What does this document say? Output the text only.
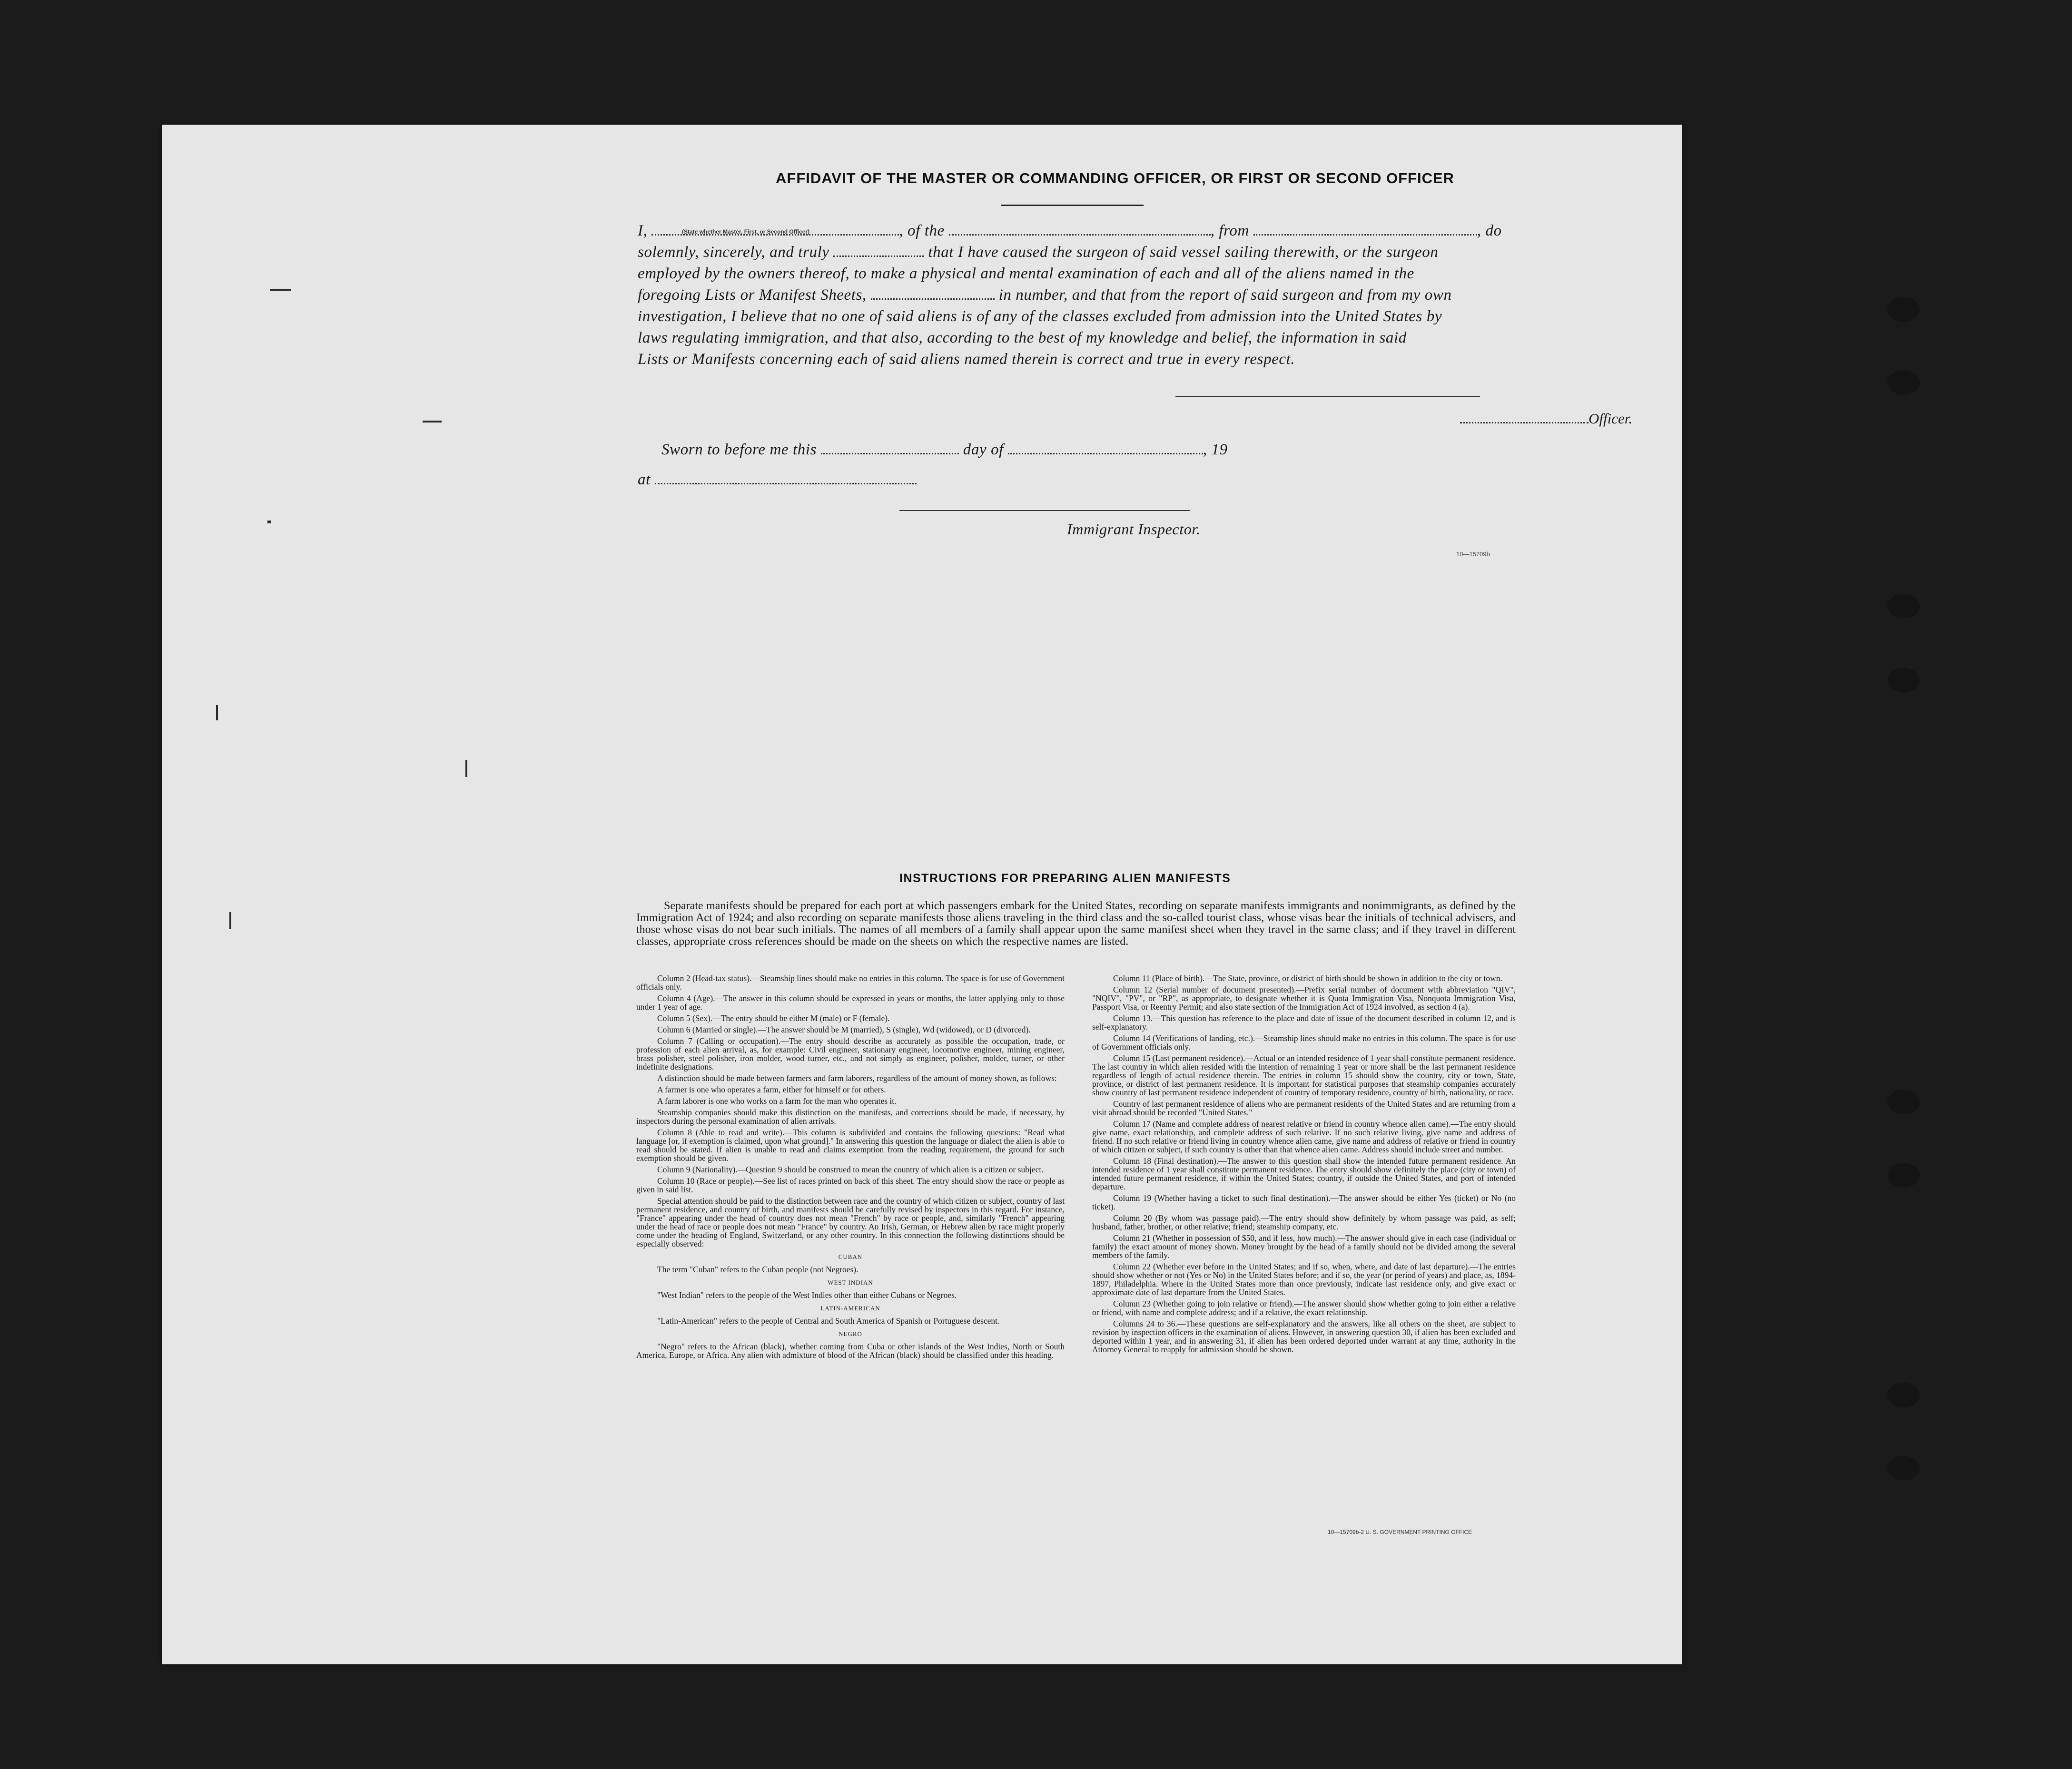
AFFIDAVIT OF THE MASTER OR COMMANDING OFFICER, OR FIRST OR SECOND OFFICER
I,	, of the	, from	, do
(State whether Master, First, or Second Officer)
solemnly, sincerely, and truly	that I have caused the surgeon of said vessel sailing therewith, or the surgeon
employed by the owners thereof, to make a physical and mental examination of each and all of the aliens named in the
foregoing Lists or Manifest Sheets,	in number, and that from the report of said surgeon and from my own
investigation, I believe that no one of said aliens is of any of the classes excluded from admission into the United States by
laws regulating immigration, and that also, according to the best of my knowledge and belief, the information in said
Lists or Manifests concerning each of said aliens named therein is correct and true in every respect.
Officer.
Sworn to before me this	day of	, 19
at
Immigrant Inspector.
10—15709b
INSTRUCTIONS FOR PREPARING ALIEN MANIFESTS
Separate manifests should be prepared for each port at which passengers embark for the United States, recording on separate manifests immigrants and nonimmigrants, as defined by the Immigration Act of 1924; and also recording on separate manifests those aliens traveling in the third class and the so-called tourist class, whose visas bear the initials of technical advisers, and those whose visas do not bear such initials. The names of all members of a family shall appear upon the same manifest sheet when they travel in the same class; and if they travel in different classes, appropriate cross references should be made on the sheets on which the respective names are listed.

Column 2 (Head-tax status).—Steamship lines should make no entries in this column. The space is for use of Government officials only.

Column 4 (Age).—The answer in this column should be expressed in years or months, the latter applying only to those under 1 year of age.

Column 5 (Sex).—The entry should be either M (male) or F (female).

Column 6 (Married or single).—The answer should be M (married), S (single), Wd (widowed), or D (divorced).

Column 7 (Calling or occupation).—The entry should describe as accurately as possible the occupation, trade, or profession of each alien arrival, as, for example: Civil engineer, stationary engineer, locomotive engineer, mining engineer, brass polisher, steel polisher, iron molder, wood turner, etc., and not simply as engineer, polisher, molder, turner, or other indefinite designations.

A distinction should be made between farmers and farm laborers, regardless of the amount of money shown, as follows:

A farmer is one who operates a farm, either for himself or for others.

A farm laborer is one who works on a farm for the man who operates it.

Steamship companies should make this distinction on the manifests, and corrections should be made, if necessary, by inspectors during the personal examination of alien arrivals.

Column 8 (Able to read and write).—This column is subdivided and contains the following questions: "Read what language [or, if exemption is claimed, upon what ground]." In answering this question the language or dialect the alien is able to read should be stated. If alien is unable to read and claims exemption from the reading requirement, the ground for such exemption should be given.

Column 9 (Nationality).—Question 9 should be construed to mean the country of which alien is a citizen or subject.

Column 10 (Race or people).—See list of races printed on back of this sheet. The entry should show the race or people as given in said list.

Special attention should be paid to the distinction between race and the country of which citizen or subject, country of last permanent residence, and country of birth, and manifests should be carefully revised by inspectors in this regard. For instance, "France" appearing under the head of country does not mean "French" by race or people, and, similarly "French" appearing under the head of race or people does not mean "France" by country. An Irish, German, or Hebrew alien by race might properly come under the heading of England, Switzerland, or any other country. In this connection the following distinctions should be especially observed:

CUBAN

The term "Cuban" refers to the Cuban people (not Negroes).

WEST INDIAN

"West Indian" refers to the people of the West Indies other than either Cubans or Negroes.

LATIN-AMERICAN

"Latin-American" refers to the people of Central and South America of Spanish or Portuguese descent.

NEGRO

"Negro" refers to the African (black), whether coming from Cuba or other islands of the West Indies, North or South America, Europe, or Africa. Any alien with admixture of blood of the African (black) should be classified under this heading.

Column 11 (Place of birth).—The State, province, or district of birth should be shown in addition to the city or town.

Column 12 (Serial number of document presented).—Prefix serial number of document with abbreviation "QIV", "NQIV", "PV", or "RP", as appropriate, to designate whether it is Quota Immigration Visa, Nonquota Immigration Visa, Passport Visa, or Reentry Permit; and also state section of the Immigration Act of 1924 involved, as section 4 (a).

Column 13.—This question has reference to the place and date of issue of the document described in column 12, and is self-explanatory.

Column 14 (Verifications of landing, etc.).—Steamship lines should make no entries in this column. The space is for use of Government officials only.

Column 15 (Last permanent residence).—Actual or an intended residence of 1 year shall constitute permanent residence. The last country in which alien resided with the intention of remaining 1 year or more shall be the last permanent residence regardless of length of actual residence therein. The entries in column 15 should show the country, city or town, State, province, or district of last permanent residence. It is important for statistical purposes that steamship companies accurately show country of last permanent residence independent of country of temporary residence, country of birth, nationality, or race.

Country of last permanent residence of aliens who are permanent residents of the United States and are returning from a visit abroad should be recorded "United States."

Column 17 (Name and complete address of nearest relative or friend in country whence alien came).—The entry should give name, exact relationship, and complete address of such relative. If no such relative living, give name and address of friend. If no such relative or friend living in country whence alien came, give name and address of relative or friend in country of which citizen or subject, if such country is other than that whence alien came. Address should include street and number.

Column 18 (Final destination).—The answer to this question shall show the intended future permanent residence. An intended residence of 1 year shall constitute permanent residence. The entry should show definitely the place (city or town) of intended future permanent residence, if within the United States; country, if outside the United States, and port of intended departure.

Column 19 (Whether having a ticket to such final destination).—The answer should be either Yes (ticket) or No (no ticket).

Column 20 (By whom was passage paid).—The entry should show definitely by whom passage was paid, as self; husband, father, brother, or other relative; friend; steamship company, etc.

Column 21 (Whether in possession of $50, and if less, how much).—The answer should give in each case (individual or family) the exact amount of money shown. Money brought by the head of a family should not be divided among the several members of the family.

Column 22 (Whether ever before in the United States; and if so, when, where, and date of last departure).—The entries should show whether or not (Yes or No) in the United States before; and if so, the year (or period of years) and place, as, 1894-1897, Philadelphia. Where in the United States more than once previously, indicate last residence only, and give exact or approximate date of last departure from the United States.

Column 23 (Whether going to join relative or friend).—The answer should show whether going to join either a relative or friend, with name and complete address; and if a relative, the exact relationship.

Columns 24 to 36.—These questions are self-explanatory and the answers, like all others on the sheet, are subject to revision by inspection officers in the examination of aliens. However, in answering question 30, if alien has been excluded and deported within 1 year, and in answering 31, if alien has been ordered deported under warrant at any time, authority in the Attorney General to reapply for admission should be shown.

10—15709b-2 U. S. GOVERNMENT PRINTING OFFICE
